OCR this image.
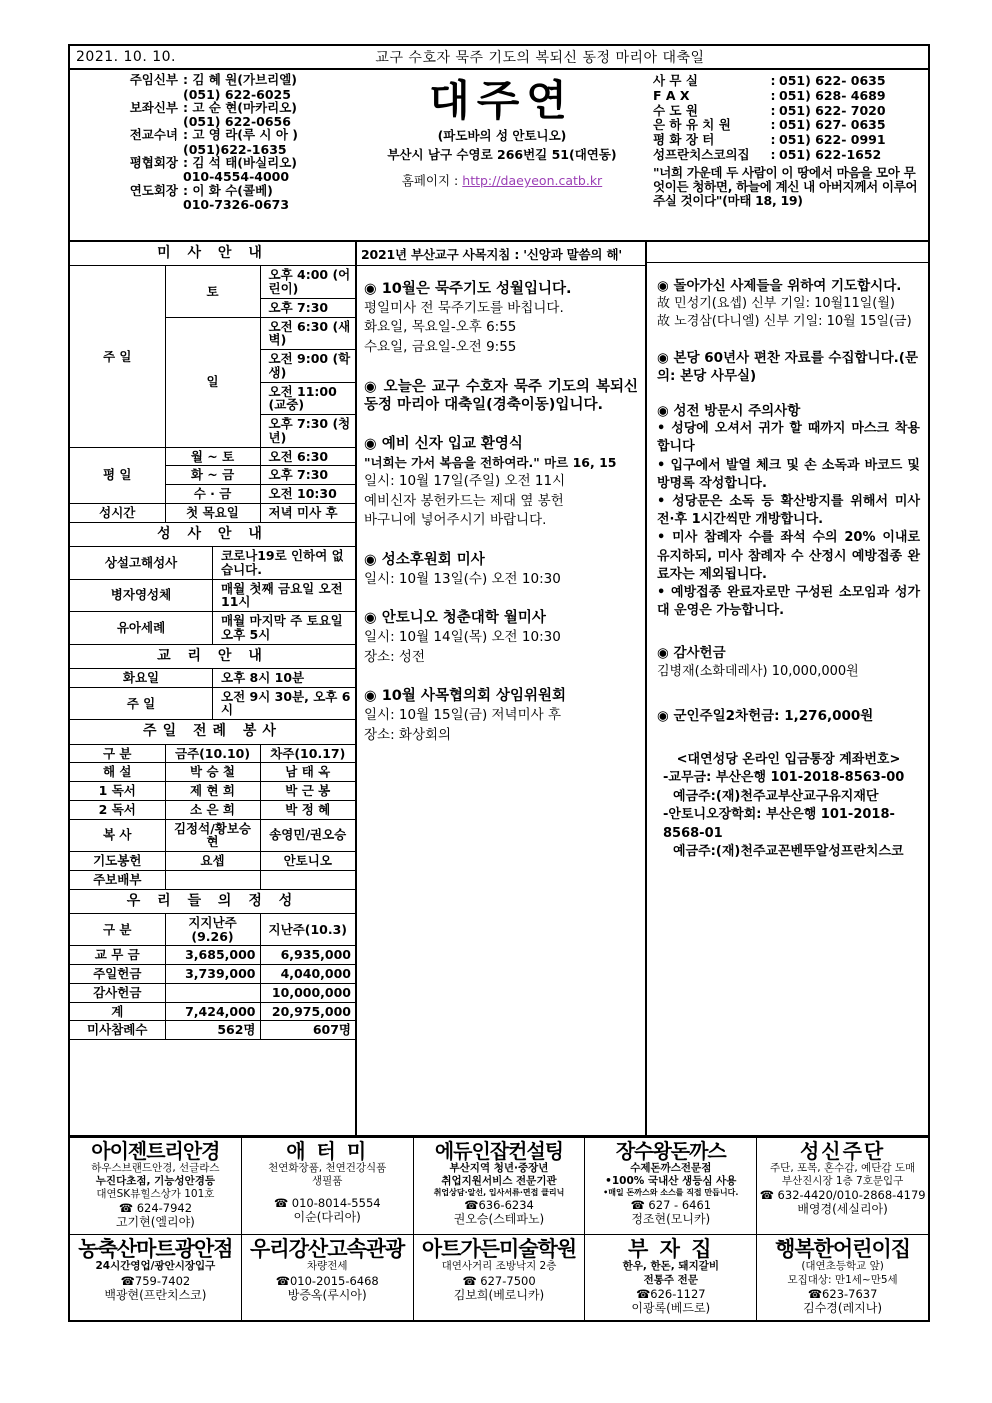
2021. 10. 10.	교구 수호자 묵주 기도의 복되신 동정 마리아 대축일
주임신부 : 김 혜 원(가브리엘)
(051) 622-6025
보좌신부 : 고 순 현(마카리오)
(051) 622-0656
전교수녀 : 고 영 라(루 시 아 )
(051)622-1635
평협회장 : 김 석 태(바실리오)
010-4554-4000
연도회장 : 이 화 수(콜베)
010-7326-0673
대주연
(파도바의 성 안토니오)
부산시 남구 수영로 266번길 51(대연동)
홈페이지 : http://daeyeon.catb.kr
사 무 실	: 051) 622- 0635
F A X	: 051) 628- 4689
수 도 원	: 051) 622- 7020
은 하 유 치 원	: 051) 627- 0635
평 화 장 터	: 051) 622- 0991
성프란치스코의집	: 051) 622-1652
"너희 가운데 두 사람이 이 땅에서 마음을 모아 무엇이든 청하면, 하늘에 계신 내 아버지께서 이루어 주실 것이다"(마태 18, 19)
미 사 안 내		
주 일	토	오후 4:00 (어린이)
		오후 7:30
	일	오전 6:30 (새벽)
		오전 9:00 (학생)
		오전 11:00 (교중)
		오후 7:30 (청년)
평 일	월 ~ 토	오전 6:30
	화 ~ 금	오후 7:30
	수 · 금	오전 10:30
성시간	첫 목요일	저녁 미사 후
성 사 안 내	
상설고해성사	코로나19로 인하여 없습니다.
병자영성체	매월 첫째 금요일 오전 11시
유아세례	매월 마지막 주 토요일 오후 5시
교 리 안 내	
화요일	오후 8시 10분
주 일	오전 9시 30분, 오후 6시
주일 전례 봉사		
구 분	금주(10.10)	차주(10.17)
해 설	박 승 철	남 태 옥
1 독서	제 현 희	박 근 봉
2 독서	소 은 희	박 정 혜
복 사	김정석/황보승현	송영민/권오승
기도봉헌	요셉	안토니오
주보배부		
우 리 들 의 정 성		
구 분	지지난주(9.26)	지난주(10.3)
교 무 금	3,685,000	6,935,000
주일헌금	3,739,000	4,040,000
감사헌금		10,000,000
계	7,424,000	20,975,000
미사참례수	562명	607명
2021년 부산교구 사목지침 : '신앙과 말씀의 해'
◉ 10월은 묵주기도 성월입니다.
평일미사 전 묵주기도를 바칩니다.
화요일, 목요일-오후 6:55
수요일, 금요일-오전 9:55
◉ 오늘은 교구 수호자 묵주 기도의 복되신 동정 마리아 대축일(경축이동)입니다.
◉ 예비 신자 입교 환영식
"너희는 가서 복음을 전하여라." 마르 16, 15
일시: 10월 17일(주일) 오전 11시
예비신자 봉헌카드는 제대 옆 봉헌
바구니에 넣어주시기 바랍니다.
◉ 성소후원회 미사
일시: 10월 13일(수) 오전 10:30
◉ 안토니오 청춘대학 월미사
일시: 10월 14일(목) 오전 10:30
장소: 성전
◉ 10월 사목협의회 상임위원회
일시: 10월 15일(금) 저녁미사 후
장소: 화상회의
◉ 돌아가신 사제들을 위하여 기도합시다.
故 민성기(요셉) 신부 기일: 10월11일(월)
故 노경삼(다니엘) 신부 기일: 10월 15일(금)
◉ 본당 60년사 편찬 자료를 수집합니다.(문의: 본당 사무실)
◉ 성전 방문시 주의사항
• 성당에 오셔서 귀가 할 때까지 마스크 착용합니다
• 입구에서 발열 체크 및 손 소독과 바코드 및 방명록 작성합니다.
• 성당문은 소독 등 확산방지를 위해서 미사 전·후 1시간씩만 개방합니다.
• 미사 참례자 수를 좌석 수의 20% 이내로 유지하되, 미사 참례자 수 산정시 예방접종 완료자는 제외됩니다.
• 예방접종 완료자로만 구성된 소모임과 성가대 운영은 가능합니다.
◉ 감사헌금
김병재(소화데레사) 10,000,000원
◉ 군인주일2차헌금: 1,276,000원
<대연성당 온라인 입금통장 계좌번호>
-교무금: 부산은행 101-2018-8563-00
예금주:(재)천주교부산교구유지재단
-안토니오장학회: 부산은행 101-2018-8568-01
예금주:(재)천주교꼰벤뚜알성프란치스코
아이젠트리안경
하우스브랜드안경, 선글라스
누진다초점, 기능성안경등
대연SK뷰힐스상가 101호
☎ 624-7942
고기현(엘리야)
애 터 미
천연화장품, 천연건강식품
생필품
☎ 010-8014-5554
이순(다리아)
에듀인잡컨설팅
부산지역 청년·중장년
취업지원서비스 전문기관
취업상담·알선, 입사서류·면접 클리닉
☎636-6234
권오승(스테파노)
장수왕돈까스
수제돈까스전문점
•100% 국내산 생등심 사용
•매일 돈까스와 소스를 직접 만듭니다.
☎ 627 - 6461
정조현(모니카)
성신주단
주단, 포목, 혼수감, 예단감 도매
부산진시장 1층 7호문입구
☎ 632-4420/010-2868-4179
배영경(세실리아)
농축산마트광안점
24시간영업/광안시장입구
☎759-7402
백광현(프란치스코)
우리강산고속관광
차량전세
☎010-2015-6468
방증옥(루시아)
아트가든미술학원
대연사거리 조방낙지 2층
☎ 627-7500
김보희(베로니카)
부 자 집
한우, 한돈, 돼지갈비
전통주 전문
☎626-1127
이광록(베드로)
행복한어린이집
(대연초등학교 앞)
모집대상: 만1세~만5세
☎623-7637
김수경(레지나)
